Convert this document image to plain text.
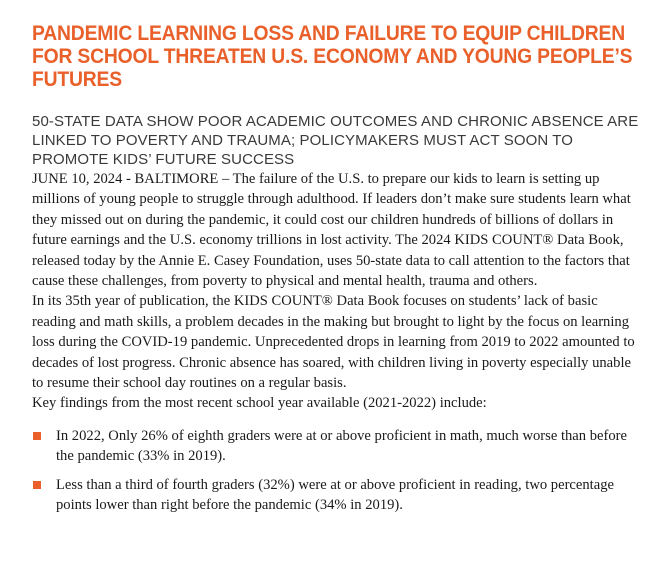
PANDEMIC LEARNING LOSS AND FAILURE TO EQUIP CHILDREN FOR SCHOOL THREATEN U.S. ECONOMY AND YOUNG PEOPLE’S FUTURES
50-STATE DATA SHOW POOR ACADEMIC OUTCOMES AND CHRONIC ABSENCE ARE LINKED TO POVERTY AND TRAUMA; POLICYMAKERS MUST ACT SOON TO PROMOTE KIDS’ FUTURE SUCCESS

JUNE 10, 2024 - BALTIMORE – The failure of the U.S. to prepare our kids to learn is setting up millions of young people to struggle through adulthood. If leaders don’t make sure students learn what they missed out on during the pandemic, it could cost our children hundreds of billions of dollars in future earnings and the U.S. economy trillions in lost activity. The 2024 KIDS COUNT® Data Book, released today by the Annie E. Casey Foundation, uses 50-state data to call attention to the factors that cause these challenges, from poverty to physical and mental health, trauma and others.

In its 35th year of publication, the KIDS COUNT® Data Book focuses on students’ lack of basic reading and math skills, a problem decades in the making but brought to light by the focus on learning loss during the COVID-19 pandemic. Unprecedented drops in learning from 2019 to 2022 amounted to decades of lost progress. Chronic absence has soared, with children living in poverty especially unable to resume their school day routines on a regular basis.

Key findings from the most recent school year available (2021-2022) include:

In 2022, Only 26% of eighth graders were at or above proficient in math, much worse than before the pandemic (33% in 2019).
Less than a third of fourth graders (32%) were at or above proficient in reading, two percentage points lower than right before the pandemic (34% in 2019).
